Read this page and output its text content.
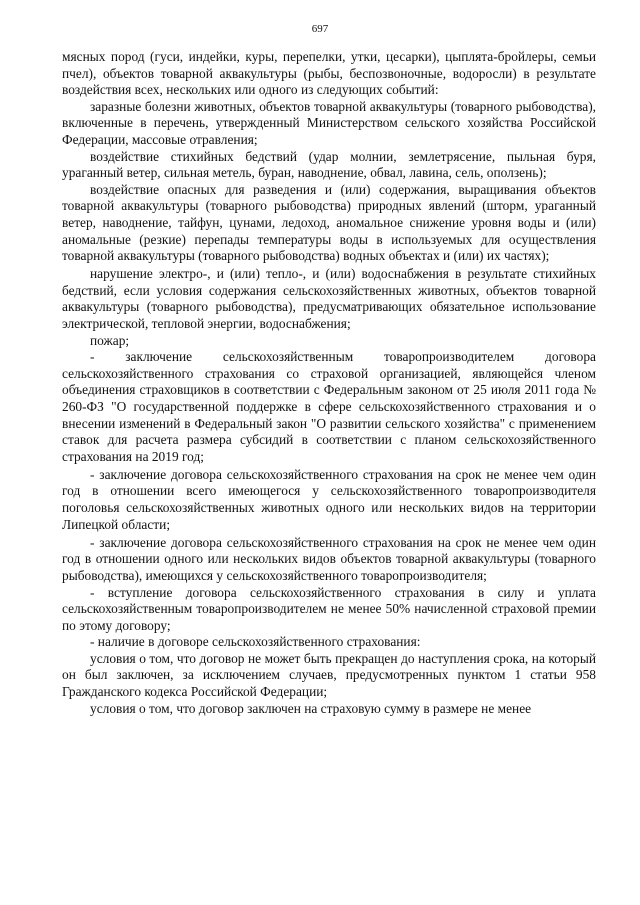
697

мясных пород (гуси, индейки, куры, перепелки, утки, цесарки), цыплята-бройлеры, семьи пчел), объектов товарной аквакультуры (рыбы, беспозвоночные, водоросли) в результате воздействия всех, нескольких или одного из следующих событий:

заразные болезни животных, объектов товарной аквакультуры (товарного рыбоводства), включенные в перечень, утвержденный Министерством сельского хозяйства Российской Федерации, массовые отравления;

воздействие стихийных бедствий (удар молнии, землетрясение, пыльная буря, ураганный ветер, сильная метель, буран, наводнение, обвал, лавина, сель, оползень);

воздействие опасных для разведения и (или) содержания, выращивания объектов товарной аквакультуры (товарного рыбоводства) природных явлений (шторм, ураганный ветер, наводнение, тайфун, цунами, ледоход, аномальное снижение уровня воды и (или) аномальные (резкие) перепады температуры воды в используемых для осуществления товарной аквакультуры (товарного рыбоводства) водных объектах и (или) их частях);

нарушение электро-, и (или) тепло-, и (или) водоснабжения в результате стихийных бедствий, если условия содержания сельскохозяйственных животных, объектов товарной аквакультуры (товарного рыбоводства), предусматривающих обязательное использование электрической, тепловой энергии, водоснабжения;

пожар;

- заключение сельскохозяйственным товаропроизводителем договора сельскохозяйственного страхования со страховой организацией, являющейся членом объединения страховщиков в соответствии с Федеральным законом от 25 июля 2011 года № 260-ФЗ "О государственной поддержке в сфере сельскохозяйственного страхования и о внесении изменений в Федеральный закон "О развитии сельского хозяйства" с применением ставок для расчета размера субсидий в соответствии с планом сельскохозяйственного страхования на 2019 год;

- заключение договора сельскохозяйственного страхования на срок не менее чем один год в отношении всего имеющегося у сельскохозяйственного товаропроизводителя поголовья сельскохозяйственных животных одного или нескольких видов на территории Липецкой области;

- заключение договора сельскохозяйственного страхования на срок не менее чем один год в отношении одного или нескольких видов объектов товарной аквакультуры (товарного рыбоводства), имеющихся у сельскохозяйственного товаропроизводителя;

- вступление договора сельскохозяйственного страхования в силу и уплата сельскохозяйственным товаропроизводителем не менее 50% начисленной страховой премии по этому договору;

- наличие в договоре сельскохозяйственного страхования:

условия о том, что договор не может быть прекращен до наступления срока, на который он был заключен, за исключением случаев, предусмотренных пунктом 1 статьи 958 Гражданского кодекса Российской Федерации;

условия о том, что договор заключен на страховую сумму в размере не менее
